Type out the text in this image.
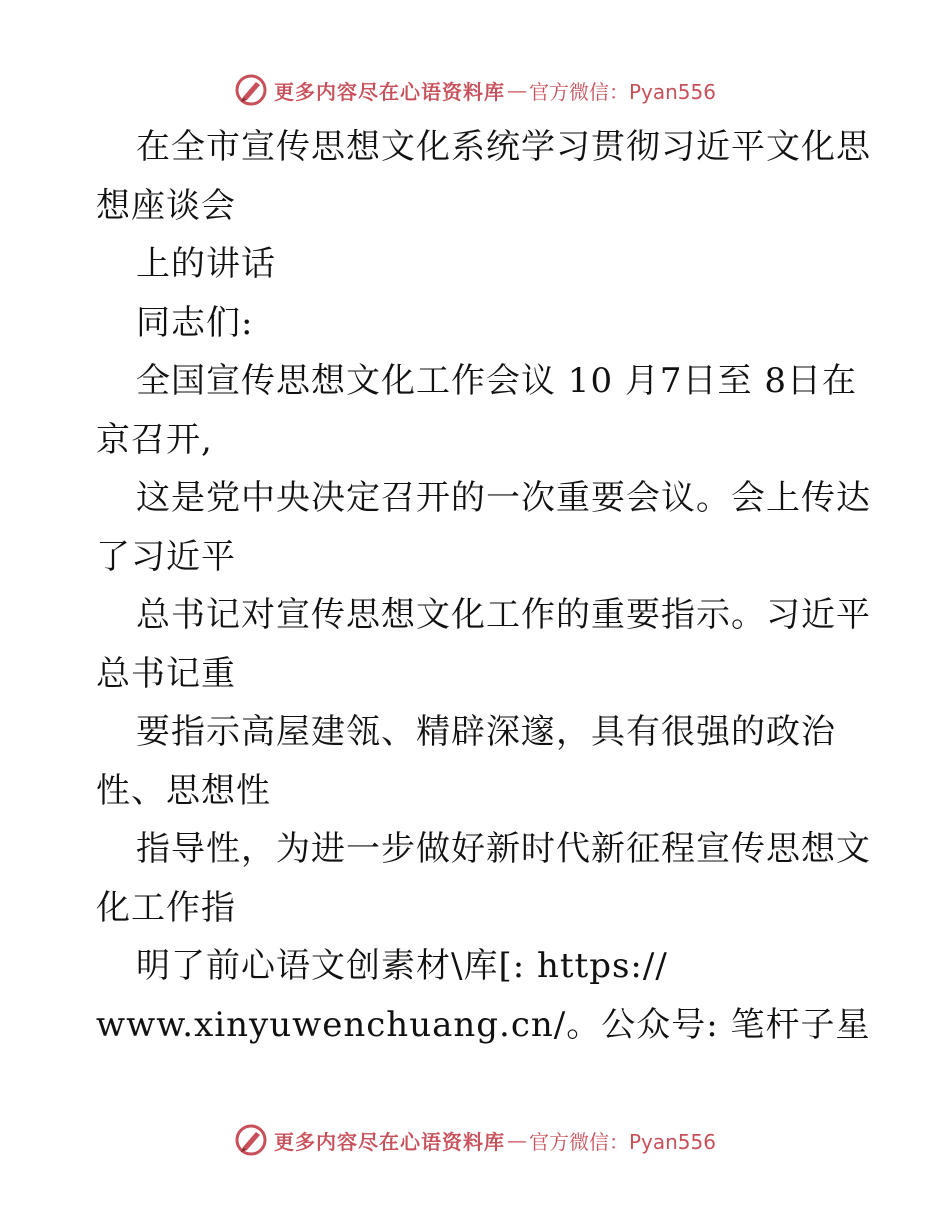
更多内容尽在心语资料库 — 官方微信：Pyan556
在全市宣传思想文化系统学习贯彻习近平文化思
想座谈会
上的讲话
同志们:
全国宣传思想文化工作会议 10 月7日至 8日在
京召开,
这是党中央决定召开的一次重要会议。会上传达
了习近平
总书记对宣传思想文化工作的重要指示。习近平
总书记重
要指示高屋建瓴、精辟深邃，具有很强的政治
性、思想性
指导性，为进一步做好新时代新征程宣传思想文
化工作指
明了前心语文创素材\库[: https://
www.xinyuwenchuang.cn/。公众号: 笔杆子星
更多内容尽在心语资料库 — 官方微信：Pyan556
